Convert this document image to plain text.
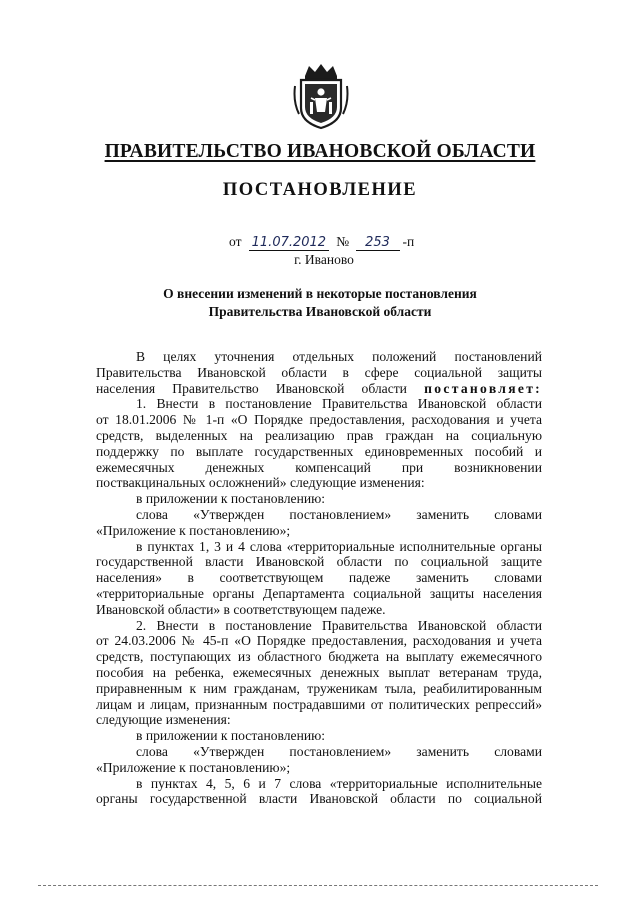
ПРАВИТЕЛЬСТВО ИВАНОВСКОЙ ОБЛАСТИ
ПОСТАНОВЛЕНИЕ
от 11.07.2012 № 253 -п
г. Иваново
О внесении изменений в некоторые постановления
Правительства Ивановской области

В целях уточнения отдельных положений постановлений

Правительства Ивановской области в сфере социальной защиты

населения Правительство Ивановской области постановляет:

1. Внести в постановление Правительства Ивановской области

от 18.01.2006 № 1-п «О Порядке предоставления, расходования и учета

средств, выделенных на реализацию прав граждан на социальную

поддержку по выплате государственных единовременных пособий и

ежемесячных денежных компенсаций при возникновении

поствакцинальных осложнений» следующие изменения:

в приложении к постановлению:

слова «Утвержден постановлением» заменить словами

«Приложение к постановлению»;

в пунктах 1, 3 и 4 слова «территориальные исполнительные органы

государственной власти Ивановской области по социальной защите

населения» в соответствующем падеже заменить словами

«территориальные органы Департамента социальной защиты населения

Ивановской области» в соответствующем падеже.

2. Внести в постановление Правительства Ивановской области

от 24.03.2006 № 45-п «О Порядке предоставления, расходования и учета

средств, поступающих из областного бюджета на выплату ежемесячного

пособия на ребенка, ежемесячных денежных выплат ветеранам труда,

приравненным к ним гражданам, труженикам тыла, реабилитированным

лицам и лицам, признанным пострадавшими от политических репрессий»

следующие изменения:

в приложении к постановлению:

слова «Утвержден постановлением» заменить словами

«Приложение к постановлению»;

в пунктах 4, 5, 6 и 7 слова «территориальные исполнительные

органы государственной власти Ивановской области по социальной
